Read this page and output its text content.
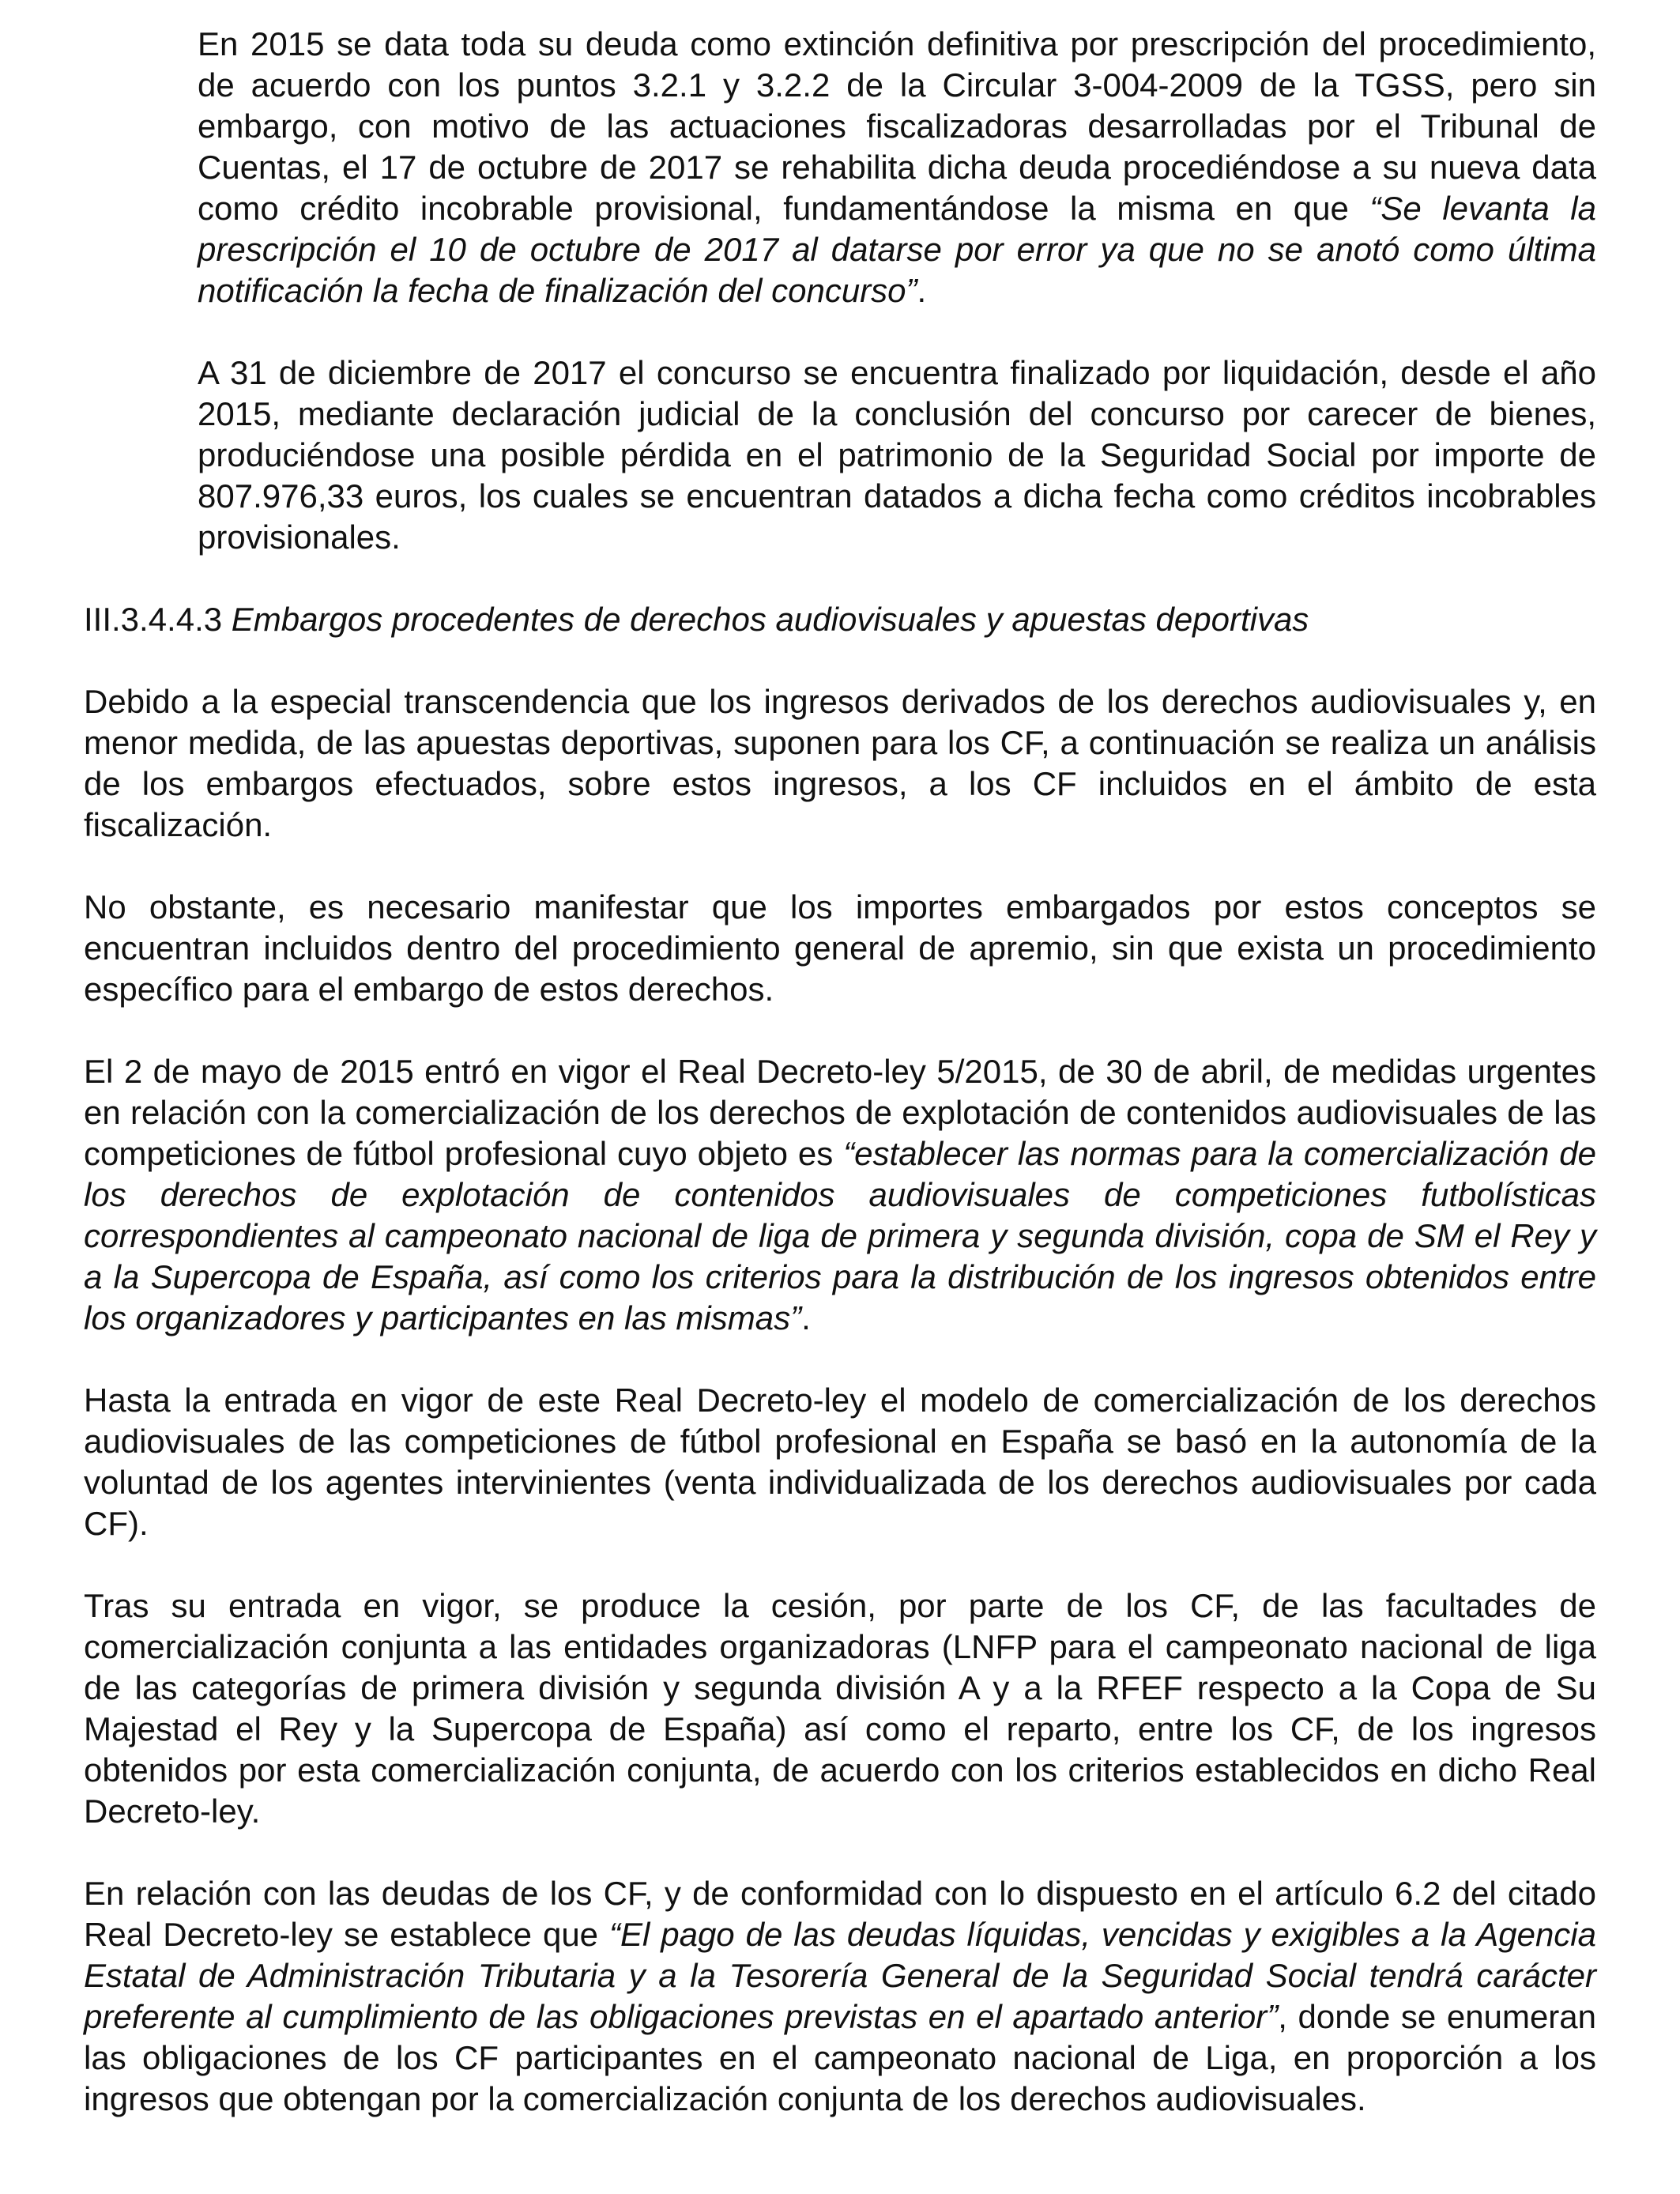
En 2015 se data toda su deuda como extinción definitiva por prescripción del procedimiento, de acuerdo con los puntos 3.2.1 y 3.2.2 de la Circular 3-004-2009 de la TGSS, pero sin embargo, con motivo de las actuaciones fiscalizadoras desarrolladas por el Tribunal de Cuentas, el 17 de octubre de 2017 se rehabilita dicha deuda procediéndose a su nueva data como crédito incobrable provisional, fundamentándose la misma en que “Se levanta la prescripción el 10 de octubre de 2017 al datarse por error ya que no se anotó como última notificación la fecha de finalización del concurso”.

A 31 de diciembre de 2017 el concurso se encuentra finalizado por liquidación, desde el año 2015, mediante declaración judicial de la conclusión del concurso por carecer de bienes, produciéndose una posible pérdida en el patrimonio de la Seguridad Social por importe de 807.976,33 euros, los cuales se encuentran datados a dicha fecha como créditos incobrables provisionales.

III.3.4.4.3 Embargos procedentes de derechos audiovisuales y apuestas deportivas

Debido a la especial transcendencia que los ingresos derivados de los derechos audiovisuales y, en menor medida, de las apuestas deportivas, suponen para los CF, a continuación se realiza un análisis de los embargos efectuados, sobre estos ingresos, a los CF incluidos en el ámbito de esta fiscalización.

No obstante, es necesario manifestar que los importes embargados por estos conceptos se encuentran incluidos dentro del procedimiento general de apremio, sin que exista un procedimiento específico para el embargo de estos derechos.

El 2 de mayo de 2015 entró en vigor el Real Decreto-ley 5/2015, de 30 de abril, de medidas urgentes en relación con la comercialización de los derechos de explotación de contenidos audiovisuales de las competiciones de fútbol profesional cuyo objeto es “establecer las normas para la comercialización de los derechos de explotación de contenidos audiovisuales de competiciones futbolísticas correspondientes al campeonato nacional de liga de primera y segunda división, copa de SM el Rey y a la Supercopa de España, así como los criterios para la distribución de los ingresos obtenidos entre los organizadores y participantes en las mismas”.

Hasta la entrada en vigor de este Real Decreto-ley el modelo de comercialización de los derechos audiovisuales de las competiciones de fútbol profesional en España se basó en la autonomía de la voluntad de los agentes intervinientes (venta individualizada de los derechos audiovisuales por cada CF).

Tras su entrada en vigor, se produce la cesión, por parte de los CF, de las facultades de comercialización conjunta a las entidades organizadoras (LNFP para el campeonato nacional de liga de las categorías de primera división y segunda división A y a la RFEF respecto a la Copa de Su Majestad el Rey y la Supercopa de España) así como el reparto, entre los CF, de los ingresos obtenidos por esta comercialización conjunta, de acuerdo con los criterios establecidos en dicho Real Decreto-ley.

En relación con las deudas de los CF, y de conformidad con lo dispuesto en el artículo 6.2 del citado Real Decreto-ley se establece que “El pago de las deudas líquidas, vencidas y exigibles a la Agencia Estatal de Administración Tributaria y a la Tesorería General de la Seguridad Social tendrá carácter preferente al cumplimiento de las obligaciones previstas en el apartado anterior”, donde se enumeran las obligaciones de los CF participantes en el campeonato nacional de Liga, en proporción a los ingresos que obtengan por la comercialización conjunta de los derechos audiovisuales.
